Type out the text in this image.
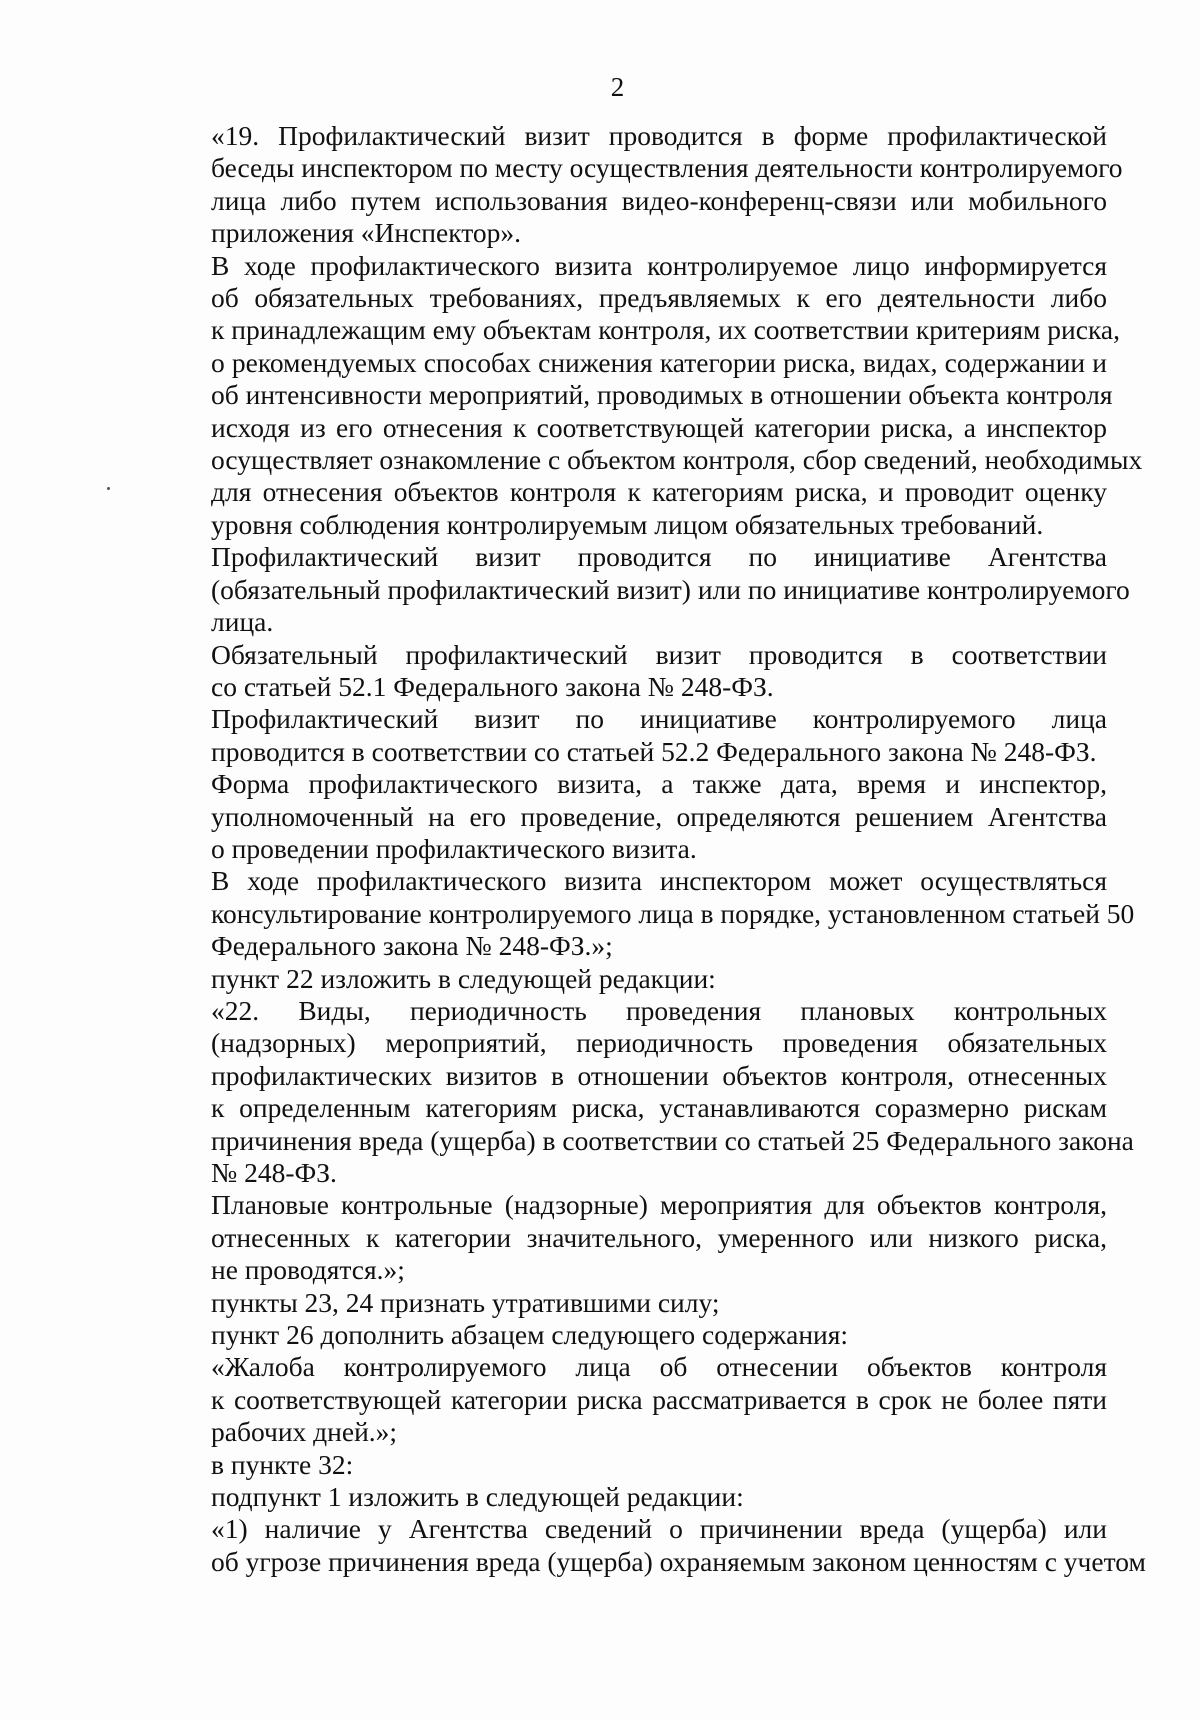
2
«19. Профилактический визит проводится в форме профилактической
беседы инспектором по месту осуществления деятельности контролируемого
лица либо путем использования видео-конференц-связи или мобильного
приложения «Инспектор».
В ходе профилактического визита контролируемое лицо информируется
об обязательных требованиях, предъявляемых к его деятельности либо
к принадлежащим ему объектам контроля, их соответствии критериям риска,
о рекомендуемых способах снижения категории риска, видах, содержании и
об интенсивности мероприятий, проводимых в отношении объекта контроля
исходя из его отнесения к соответствующей категории риска, а инспектор
осуществляет ознакомление с объектом контроля, сбор сведений, необходимых
для отнесения объектов контроля к категориям риска, и проводит оценку
уровня соблюдения контролируемым лицом обязательных требований.
Профилактический визит проводится по инициативе Агентства
(обязательный профилактический визит) или по инициативе контролируемого
лица.
Обязательный профилактический визит проводится в соответствии
со статьей 52.1 Федерального закона № 248-ФЗ.
Профилактический визит по инициативе контролируемого лица
проводится в соответствии со статьей 52.2 Федерального закона № 248-ФЗ.
Форма профилактического визита, а также дата, время и инспектор,
уполномоченный на его проведение, определяются решением Агентства
о проведении профилактического визита.
В ходе профилактического визита инспектором может осуществляться
консультирование контролируемого лица в порядке, установленном статьей 50
Федерального закона № 248-ФЗ.»;
пункт 22 изложить в следующей редакции:
«22. Виды, периодичность проведения плановых контрольных
(надзорных) мероприятий, периодичность проведения обязательных
профилактических визитов в отношении объектов контроля, отнесенных
к определенным категориям риска, устанавливаются соразмерно рискам
причинения вреда (ущерба) в соответствии со статьей 25 Федерального закона
№ 248-ФЗ.
Плановые контрольные (надзорные) мероприятия для объектов контроля,
отнесенных к категории значительного, умеренного или низкого риска,
не проводятся.»;
пункты 23, 24 признать утратившими силу;
пункт 26 дополнить абзацем следующего содержания:
«Жалоба контролируемого лица об отнесении объектов контроля
к соответствующей категории риска рассматривается в срок не более пяти
рабочих дней.»;
в пункте 32:
подпункт 1 изложить в следующей редакции:
«1) наличие у Агентства сведений о причинении вреда (ущерба) или
об угрозе причинения вреда (ущерба) охраняемым законом ценностям с учетом
